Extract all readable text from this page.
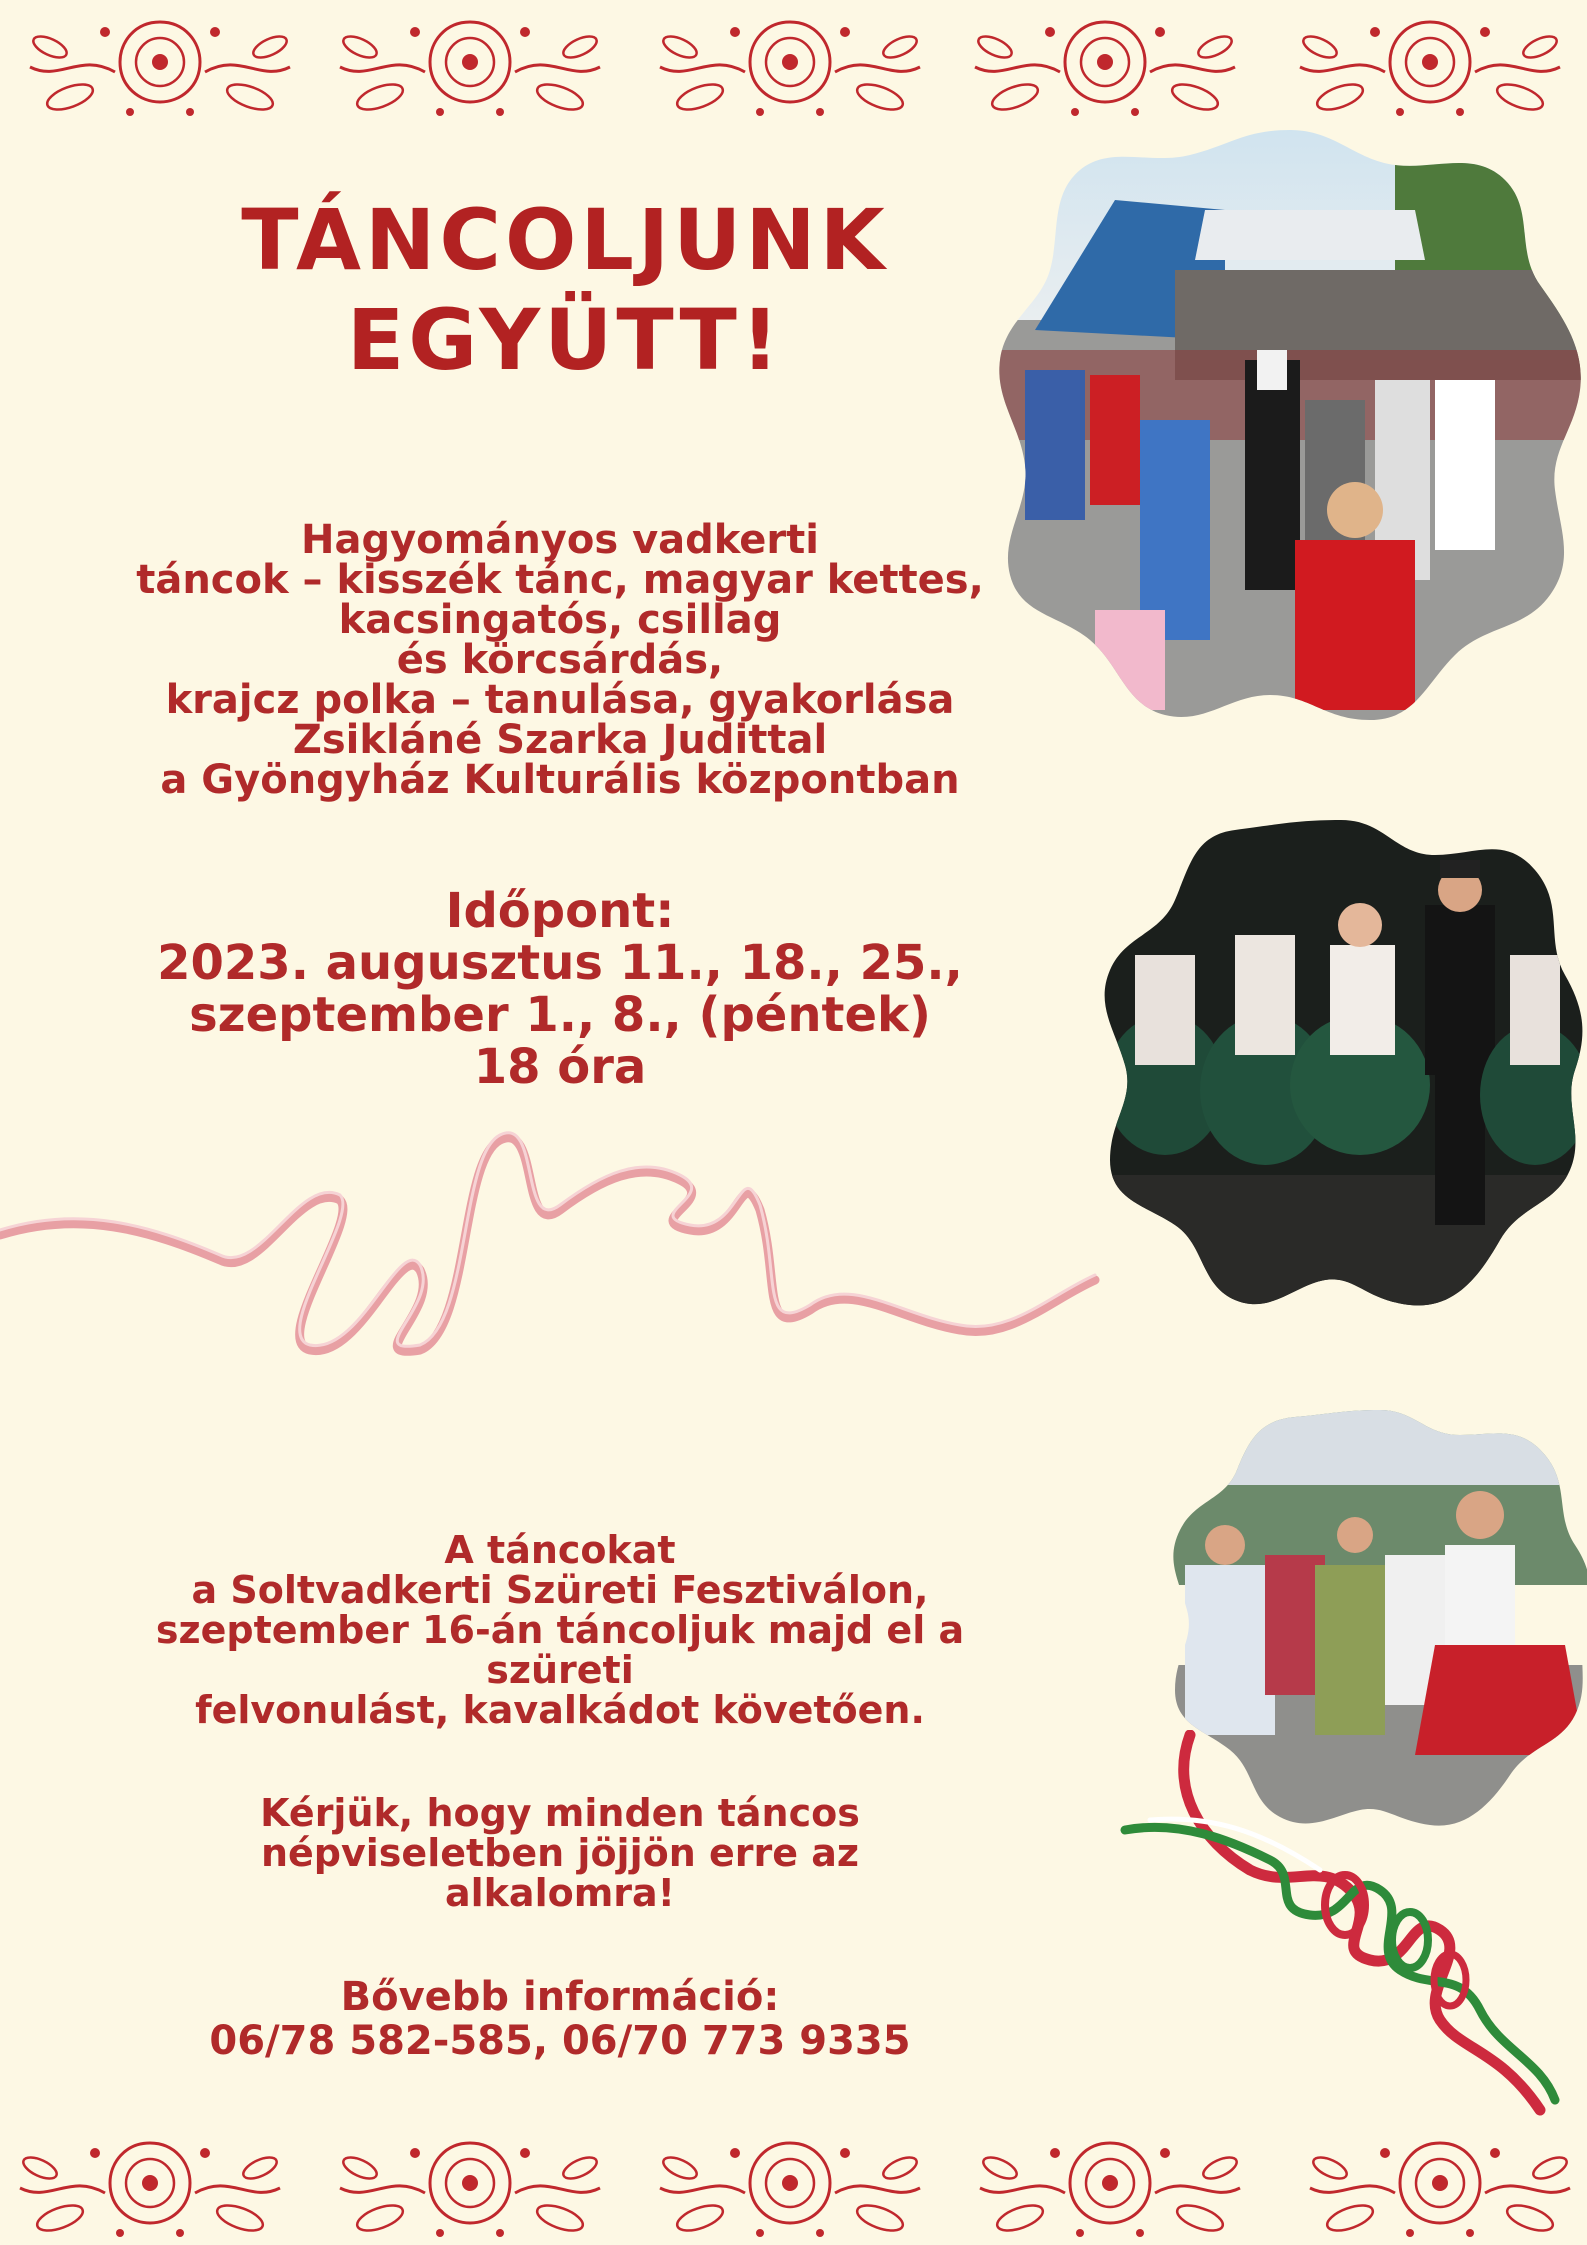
TÁNCOLJUNK
EGYÜTT!

Hagyományos vadkerti

táncok – kisszék tánc, magyar kettes,

kacsingatós, csillag

és körcsárdás,

krajcz polka – tanulása, gyakorlása

Zsikláné Szarka Judittal

a Gyöngyház Kulturális központban

Időpont:

2023. augusztus 11., 18., 25.,

szeptember 1., 8., (péntek)

18 óra

A táncokat

a Soltvadkerti Szüreti Fesztiválon,

szeptember 16-án táncoljuk majd el a

szüreti

felvonulást, kavalkádot követően.

Kérjük, hogy minden táncos

népviseletben jöjjön erre az

alkalomra!

Bővebb információ:

06/78 582-585, 06/70 773 9335
